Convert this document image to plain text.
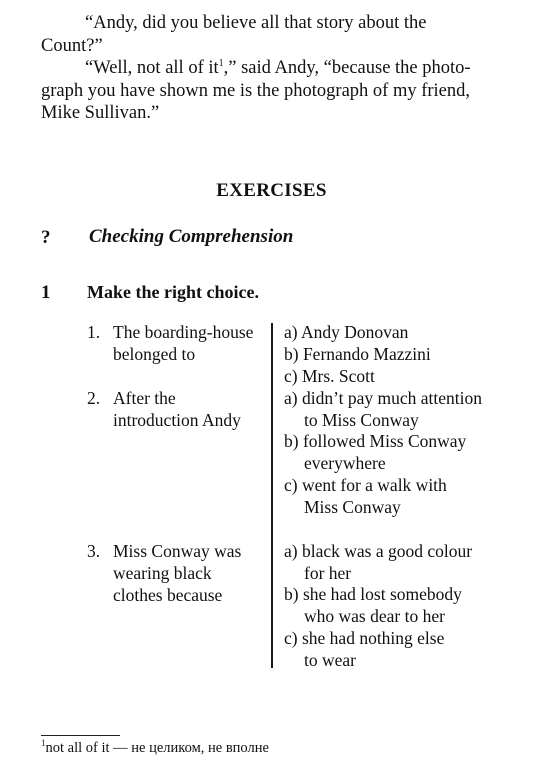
“Andy, did you believe all that story about the
Count?”
“Well, not all of $it^1$,” said Andy, “because the photo-
graph you have shown me is the photograph of my friend,
Mike Sullivan.”
EXERCISES
? Checking Comprehension
1 Make the right choice.
1. The boarding-house
belonged to
a) Andy Donovan
b) Fernando Mazzini
c) Mrs. Scott
2. After the
introduction Andy
a) didn’t pay much attention
to Miss Conway
b) followed Miss Conway
everywhere
c) went for a walk with
Miss Conway
3. Miss Conway was
wearing black
clothes because
a) black was a good colour
for her
b) she had lost somebody
who was dear to her
c) she had nothing else
to wear
$^1$not all of it — не целиком, не вполне
